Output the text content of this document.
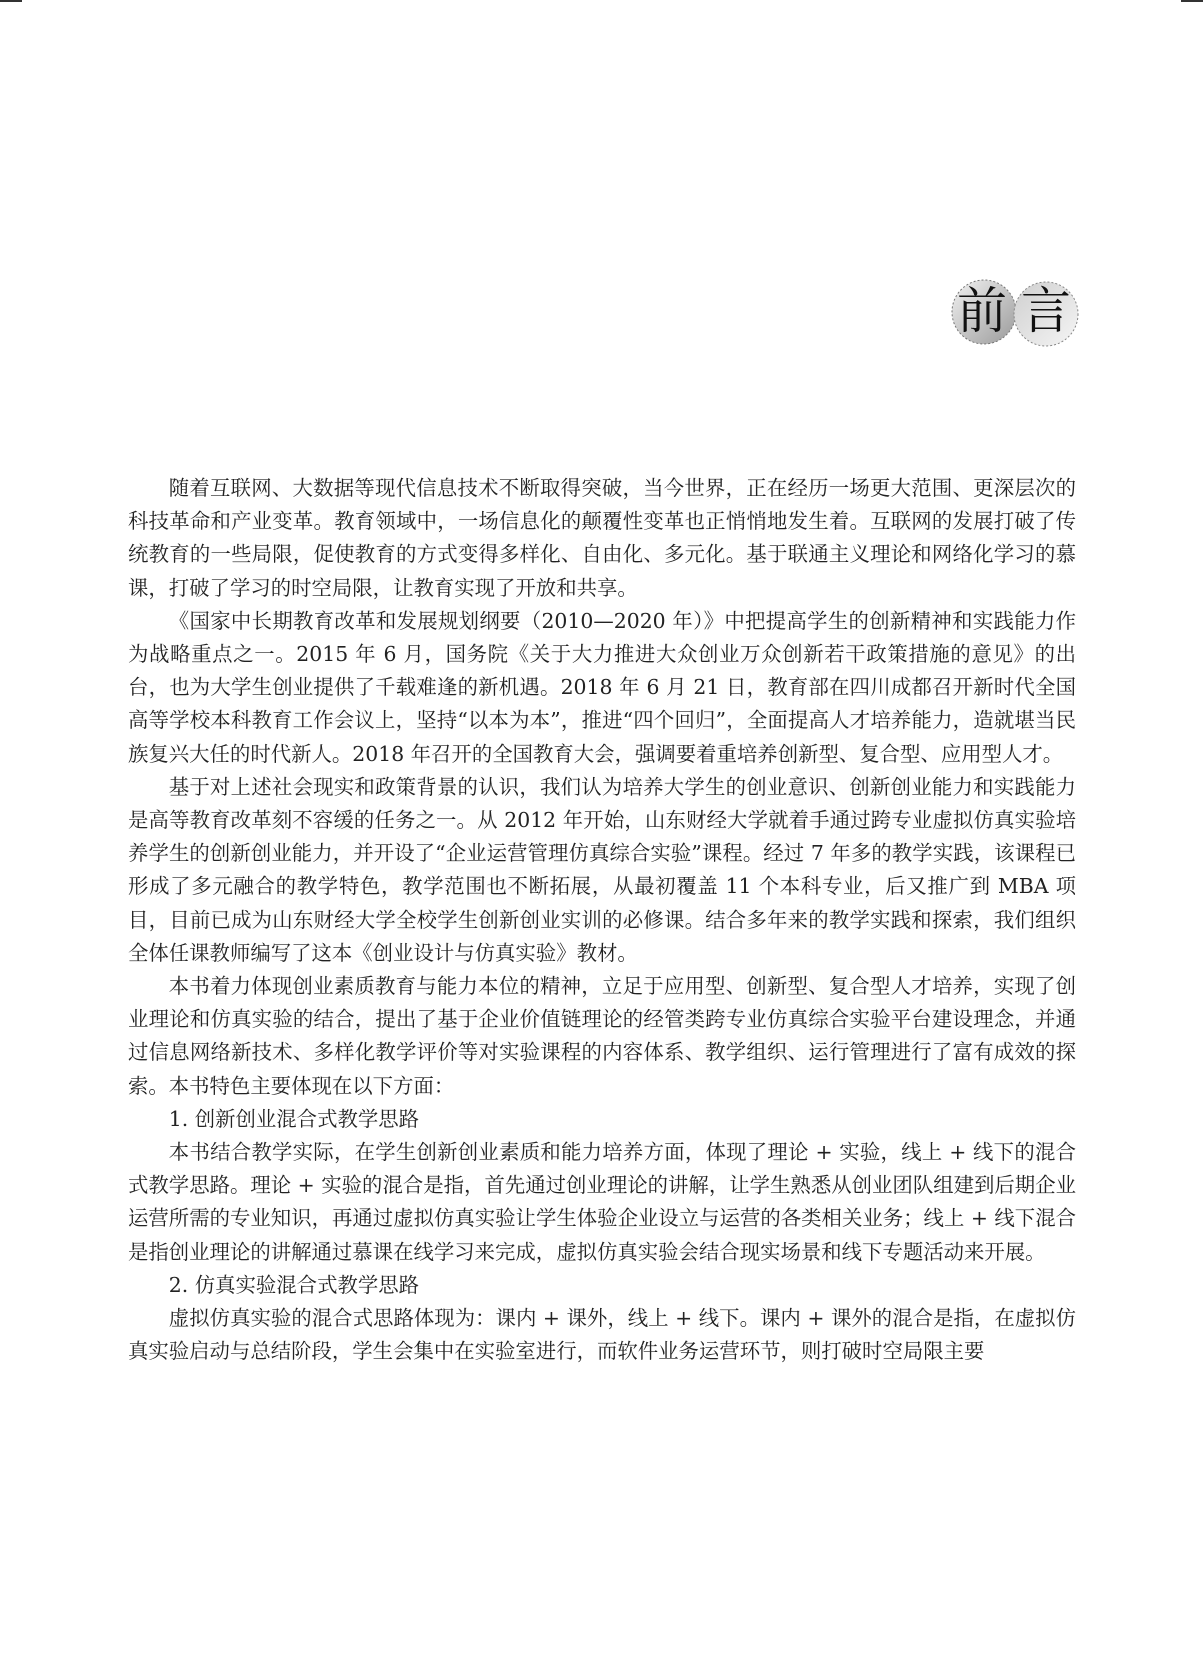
前 言

随着互联网、大数据等现代信息技术不断取得突破，当今世界，正在经历一场更大范围、更深层次的科技革命和产业变革。教育领域中，一场信息化的颠覆性变革也正悄悄地发生着。互联网的发展打破了传统教育的一些局限，促使教育的方式变得多样化、自由化、多元化。基于联通主义理论和网络化学习的慕课，打破了学习的时空局限，让教育实现了开放和共享。

《国家中长期教育改革和发展规划纲要（2010—2020 年）》中把提高学生的创新精神和实践能力作为战略重点之一。2015 年 6 月，国务院《关于大力推进大众创业万众创新若干政策措施的意见》的出台，也为大学生创业提供了千载难逢的新机遇。2018 年 6 月 21 日，教育部在四川成都召开新时代全国高等学校本科教育工作会议上，坚持“以本为本”，推进“四个回归”，全面提高人才培养能力，造就堪当民族复兴大任的时代新人。2018 年召开的全国教育大会，强调要着重培养创新型、复合型、应用型人才。

基于对上述社会现实和政策背景的认识，我们认为培养大学生的创业意识、创新创业能力和实践能力是高等教育改革刻不容缓的任务之一。从 2012 年开始，山东财经大学就着手通过跨专业虚拟仿真实验培养学生的创新创业能力，并开设了“企业运营管理仿真综合实验”课程。经过 7 年多的教学实践，该课程已形成了多元融合的教学特色，教学范围也不断拓展，从最初覆盖 11 个本科专业，后又推广到 MBA 项目，目前已成为山东财经大学全校学生创新创业实训的必修课。结合多年来的教学实践和探索，我们组织全体任课教师编写了这本《创业设计与仿真实验》教材。

本书着力体现创业素质教育与能力本位的精神，立足于应用型、创新型、复合型人才培养，实现了创业理论和仿真实验的结合，提出了基于企业价值链理论的经管类跨专业仿真综合实验平台建设理念，并通过信息网络新技术、多样化教学评价等对实验课程的内容体系、教学组织、运行管理进行了富有成效的探索。本书特色主要体现在以下方面：

1. 创新创业混合式教学思路

本书结合教学实际，在学生创新创业素质和能力培养方面，体现了理论 + 实验，线上 + 线下的混合式教学思路。理论 + 实验的混合是指，首先通过创业理论的讲解，让学生熟悉从创业团队组建到后期企业运营所需的专业知识，再通过虚拟仿真实验让学生体验企业设立与运营的各类相关业务；线上 + 线下混合是指创业理论的讲解通过慕课在线学习来完成，虚拟仿真实验会结合现实场景和线下专题活动来开展。

2. 仿真实验混合式教学思路

虚拟仿真实验的混合式思路体现为：课内 + 课外，线上 + 线下。课内 + 课外的混合是指，在虚拟仿真实验启动与总结阶段，学生会集中在实验室进行，而软件业务运营环节，则打破时空局限主要
